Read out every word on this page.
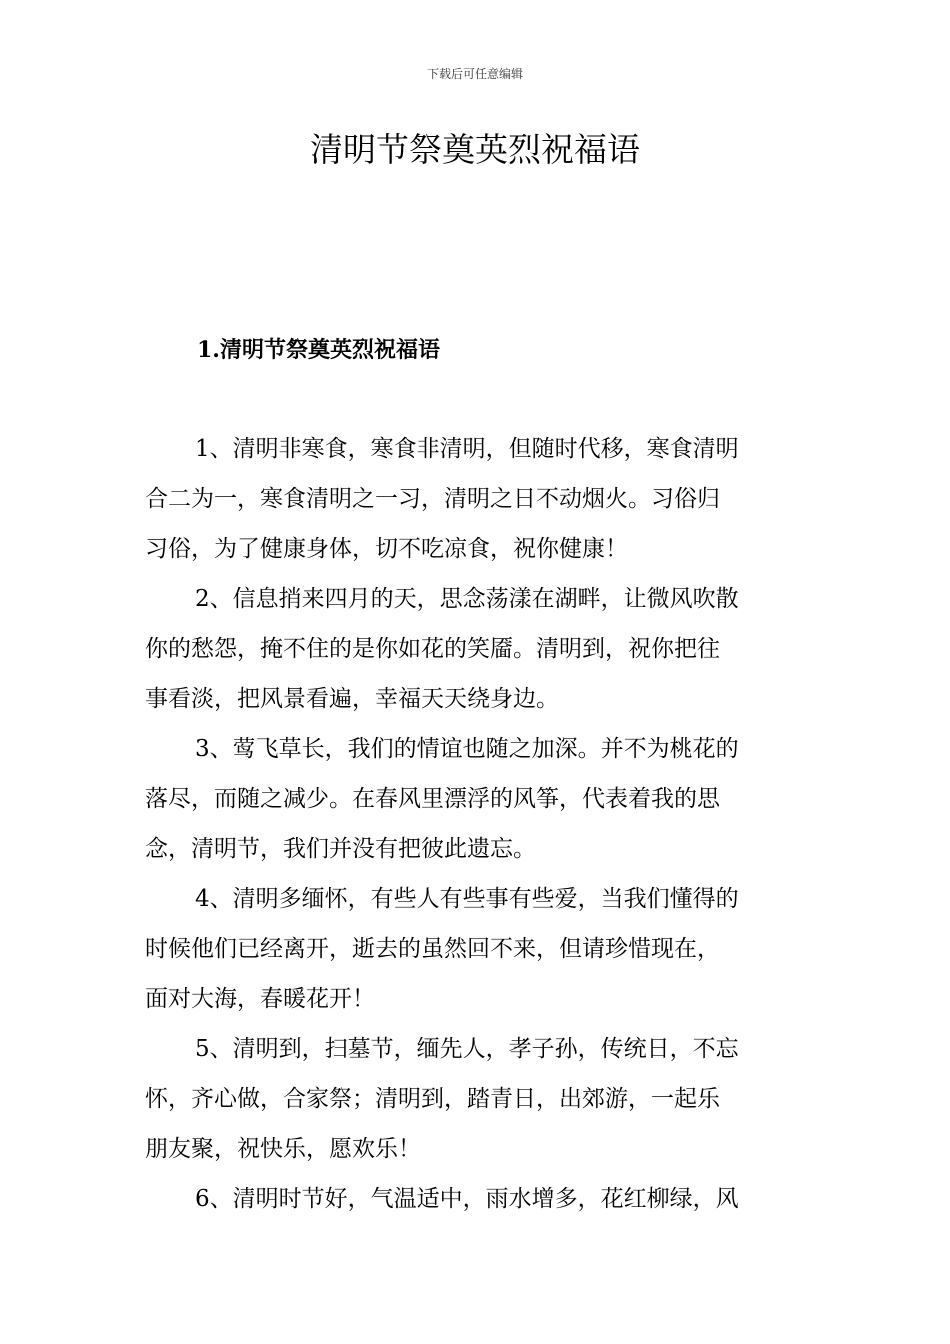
下载后可任意编辑
清明节祭奠英烈祝福语
1.清明节祭奠英烈祝福语

1、清明非寒食，寒食非清明，但随时代移，寒食清明
合二为一，寒食清明之一习，清明之日不动烟火。习俗归
习俗，为了健康身体，切不吃凉食，祝你健康！

2、信息捎来四月的天，思念荡漾在湖畔，让微风吹散
你的愁怨，掩不住的是你如花的笑靥。清明到，祝你把往
事看淡，把风景看遍，幸福天天绕身边。

3、莺飞草长，我们的情谊也随之加深。并不为桃花的
落尽，而随之减少。在春风里漂浮的风筝，代表着我的思
念，清明节，我们并没有把彼此遗忘。

4、清明多缅怀，有些人有些事有些爱，当我们懂得的
时候他们已经离开，逝去的虽然回不来，但请珍惜现在，
面对大海，春暖花开！

5、清明到，扫墓节，缅先人，孝子孙，传统日，不忘
怀，齐心做，合家祭；清明到，踏青日，出郊游，一起乐
朋友聚，祝快乐，愿欢乐！

6、清明时节好，气温适中，雨水增多，花红柳绿，风
